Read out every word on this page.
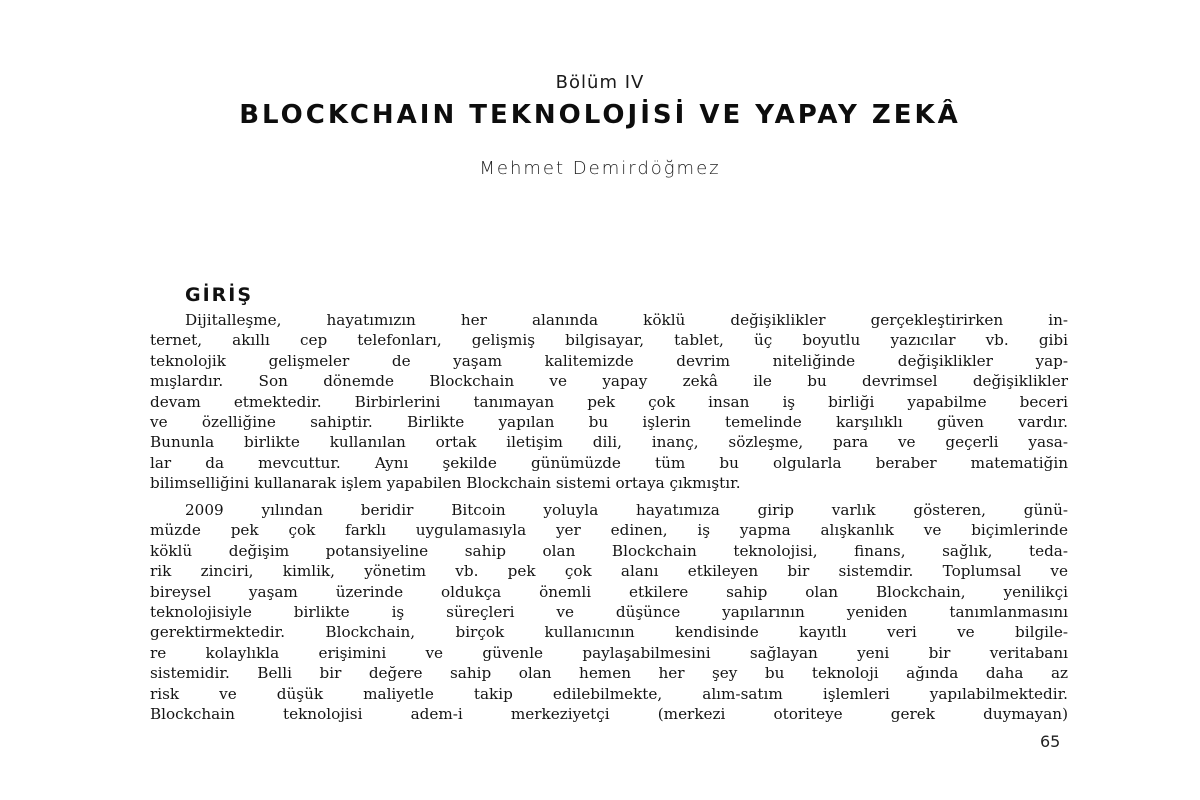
Bölüm IV
BLOCKCHAIN TEKNOLOJİSİ VE YAPAY ZEKÂ
Mehmet Demirdöğmez
GİRİŞ
Dijitalleşme, hayatımızın her alanında köklü değişiklikler gerçekleştirirken in-
ternet, akıllı cep telefonları, gelişmiş bilgisayar, tablet, üç boyutlu yazıcılar vb. gibi
teknolojik gelişmeler de yaşam kalitemizde devrim niteliğinde değişiklikler yap-
mışlardır. Son dönemde Blockchain ve yapay zekâ ile bu devrimsel değişiklikler
devam etmektedir. Birbirlerini tanımayan pek çok insan iş birliği yapabilme beceri
ve özelliğine sahiptir. Birlikte yapılan bu işlerin temelinde karşılıklı güven vardır.
Bununla birlikte kullanılan ortak iletişim dili, inanç, sözleşme, para ve geçerli yasa-
lar da mevcuttur. Aynı şekilde günümüzde tüm bu olgularla beraber matematiğin
bilimselliğini kullanarak işlem yapabilen Blockchain sistemi ortaya çıkmıştır.
2009 yılından beridir Bitcoin yoluyla hayatımıza girip varlık gösteren, günü-
müzde pek çok farklı uygulamasıyla yer edinen, iş yapma alışkanlık ve biçimlerinde
köklü değişim potansiyeline sahip olan Blockchain teknolojisi, finans, sağlık, teda-
rik zinciri, kimlik, yönetim vb. pek çok alanı etkileyen bir sistemdir. Toplumsal ve
bireysel yaşam üzerinde oldukça önemli etkilere sahip olan Blockchain, yenilikçi
teknolojisiyle birlikte iş süreçleri ve düşünce yapılarının yeniden tanımlanmasını
gerektirmektedir. Blockchain, birçok kullanıcının kendisinde kayıtlı veri ve bilgile-
re kolaylıkla erişimini ve güvenle paylaşabilmesini sağlayan yeni bir veritabanı
sistemidir. Belli bir değere sahip olan hemen her şey bu teknoloji ağında daha az
risk ve düşük maliyetle takip edilebilmekte, alım-satım işlemleri yapılabilmektedir.
Blockchain teknolojisi adem-i merkeziyetçi (merkezi otoriteye gerek duymayan)
65
